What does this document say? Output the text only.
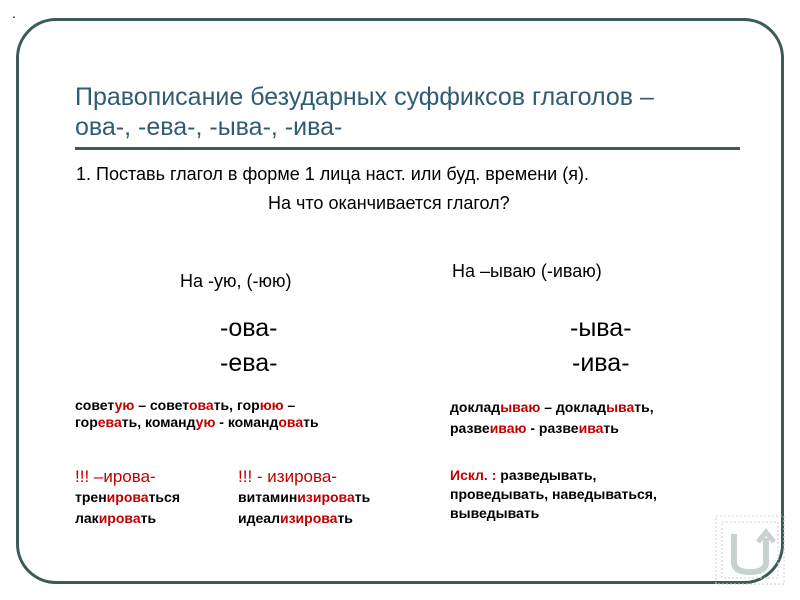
.
Правописание безударных суффиксов глаголов –
ова-, -ева-, -ыва-, -ива-
1. Поставь глагол в форме 1 лица наст. или буд. времени (я).
На что оканчивается глагол?
На -ую, (-юю)	На –ываю (-иваю)
-ова-
-ева-
-ыва-
-ива-
советую – советовать, горюю –
горевать, командую - командовать
докладываю – докладывать,
развеиваю - развеивать
!!! –ирова-
тренироваться
лакировать
!!! - изирова-
витаминизировать
идеализировать
Искл. : разведывать,
проведывать, наведываться,
выведывать
